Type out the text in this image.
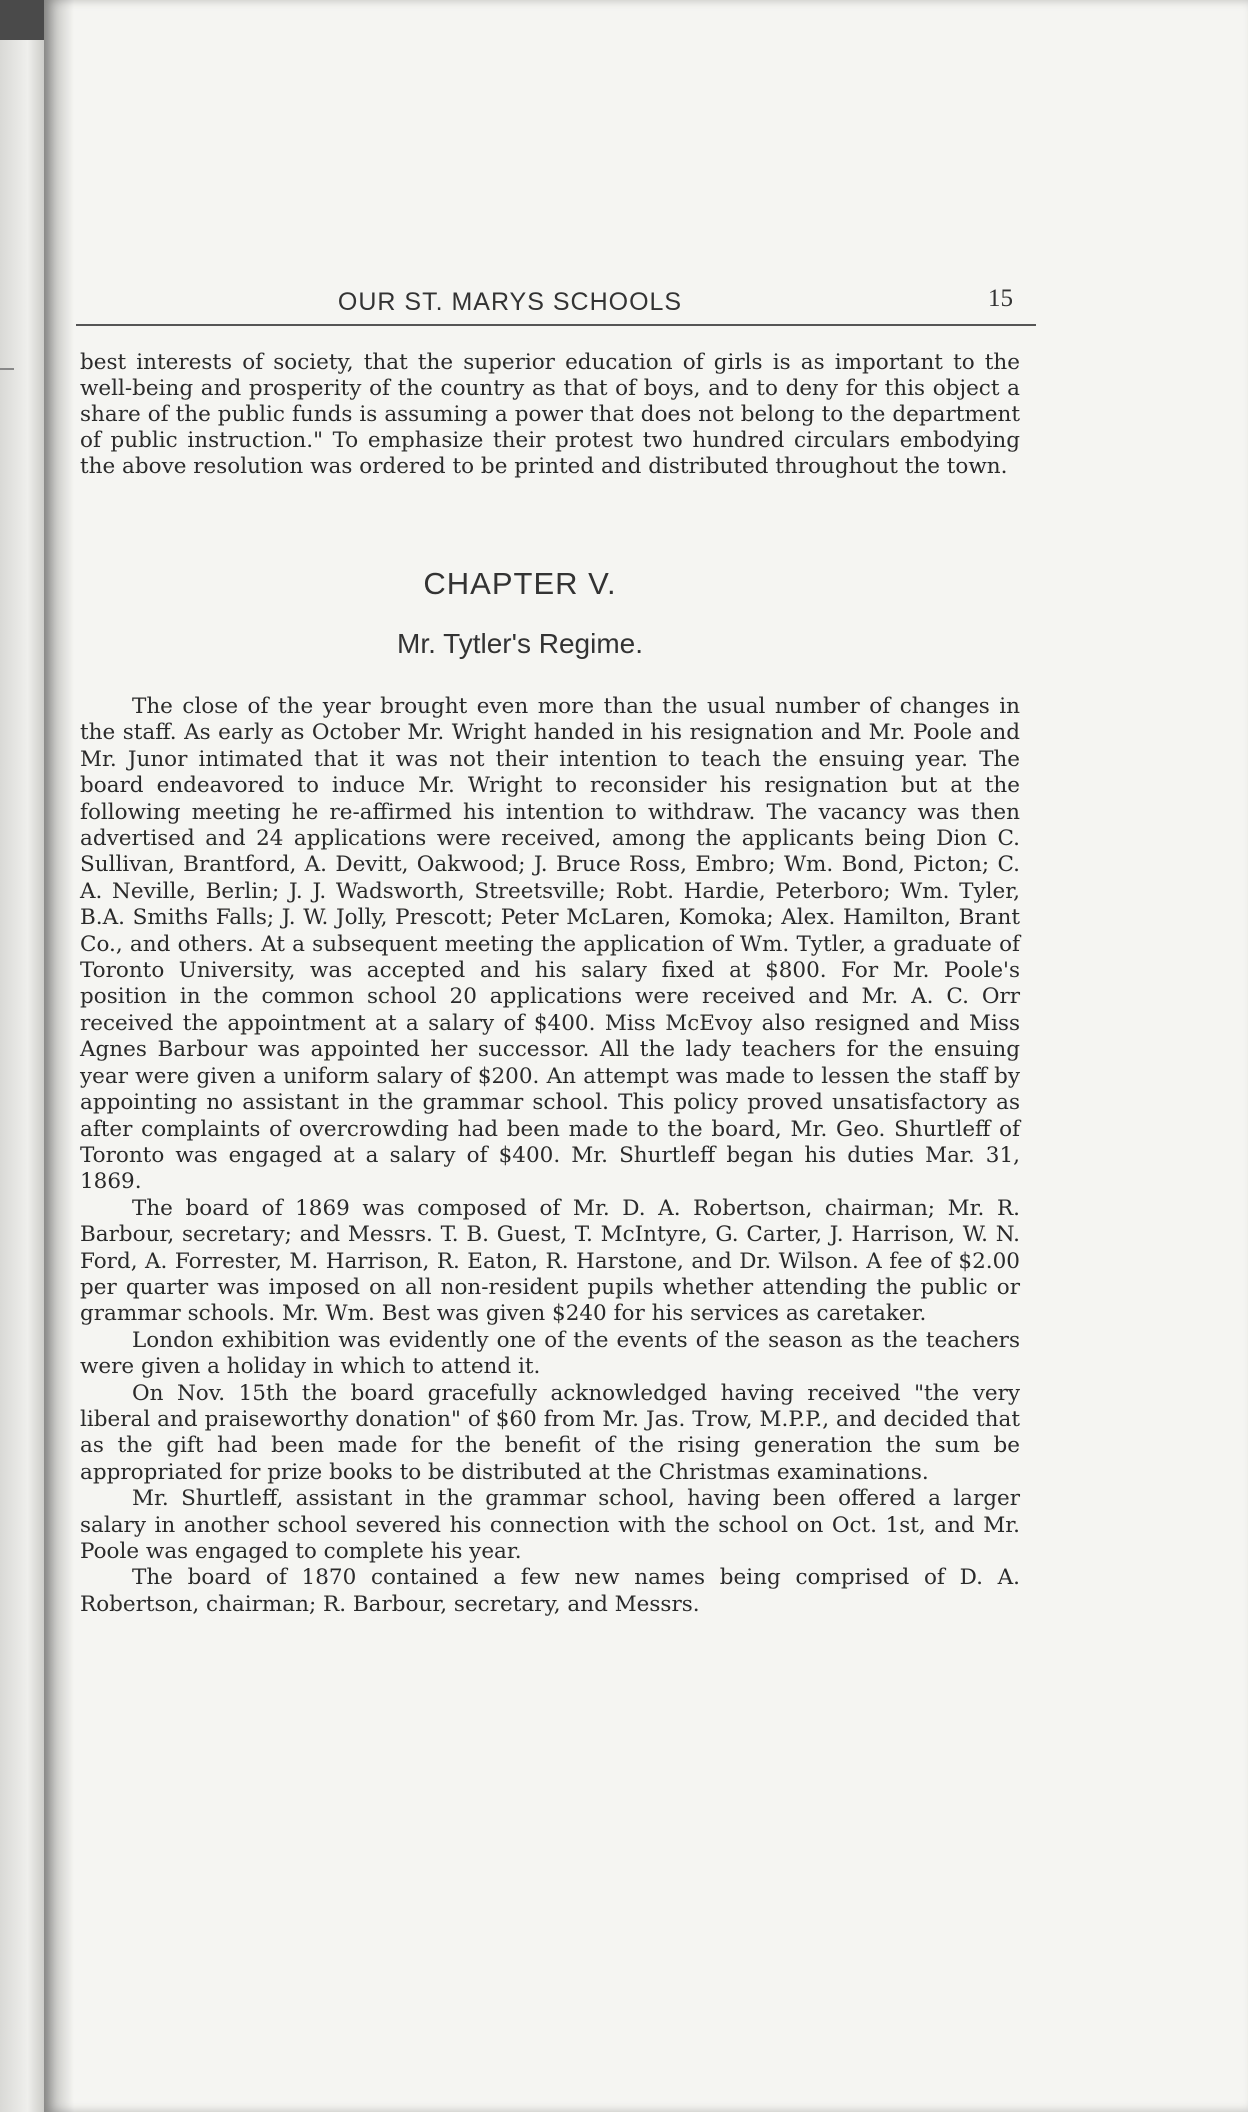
OUR ST. MARYS SCHOOLS	15

best interests of society, that the superior education of girls is as important to the well-being and prosperity of the country as that of boys, and to deny for this object a share of the public funds is assuming a power that does not belong to the department of public instruction." To emphasize their protest two hundred circulars embodying the above resolution was ordered to be printed and distributed throughout the town.

CHAPTER V.
Mr. Tytler's Regime.

The close of the year brought even more than the usual number of changes in the staff. As early as October Mr. Wright handed in his resignation and Mr. Poole and Mr. Junor intimated that it was not their intention to teach the ensuing year. The board endeavored to induce Mr. Wright to reconsider his resignation but at the following meeting he re-affirmed his intention to withdraw. The vacancy was then advertised and 24 applications were received, among the applicants being Dion C. Sullivan, Brantford, A. Devitt, Oakwood; J. Bruce Ross, Embro; Wm. Bond, Picton; C. A. Neville, Berlin; J. J. Wadsworth, Streetsville; Robt. Hardie, Peterboro; Wm. Tyler, B.A. Smiths Falls; J. W. Jolly, Prescott; Peter McLaren, Komoka; Alex. Hamilton, Brant Co., and others. At a subsequent meeting the application of Wm. Tytler, a graduate of Toronto University, was accepted and his salary fixed at $800. For Mr. Poole's position in the common school 20 applications were received and Mr. A. C. Orr received the appointment at a salary of $400. Miss McEvoy also resigned and Miss Agnes Barbour was appointed her successor. All the lady teachers for the ensuing year were given a uniform salary of $200. An attempt was made to lessen the staff by appointing no assistant in the grammar school. This policy proved unsatisfactory as after complaints of overcrowding had been made to the board, Mr. Geo. Shurtleff of Toronto was engaged at a salary of $400. Mr. Shurtleff began his duties Mar. 31, 1869.

The board of 1869 was composed of Mr. D. A. Robertson, chairman; Mr. R. Barbour, secretary; and Messrs. T. B. Guest, T. McIntyre, G. Carter, J. Harrison, W. N. Ford, A. Forrester, M. Harrison, R. Eaton, R. Harstone, and Dr. Wilson. A fee of $2.00 per quarter was imposed on all non-resident pupils whether attending the public or grammar schools. Mr. Wm. Best was given $240 for his services as caretaker.

London exhibition was evidently one of the events of the season as the teachers were given a holiday in which to attend it.

On Nov. 15th the board gracefully acknowledged having received "the very liberal and praiseworthy donation" of $60 from Mr. Jas. Trow, M.P.P., and decided that as the gift had been made for the benefit of the rising generation the sum be appropriated for prize books to be distributed at the Christmas examinations.

Mr. Shurtleff, assistant in the grammar school, having been offered a larger salary in another school severed his connection with the school on Oct. 1st, and Mr. Poole was engaged to complete his year.

The board of 1870 contained a few new names being comprised of D. A. Robertson, chairman; R. Barbour, secretary, and Messrs.
